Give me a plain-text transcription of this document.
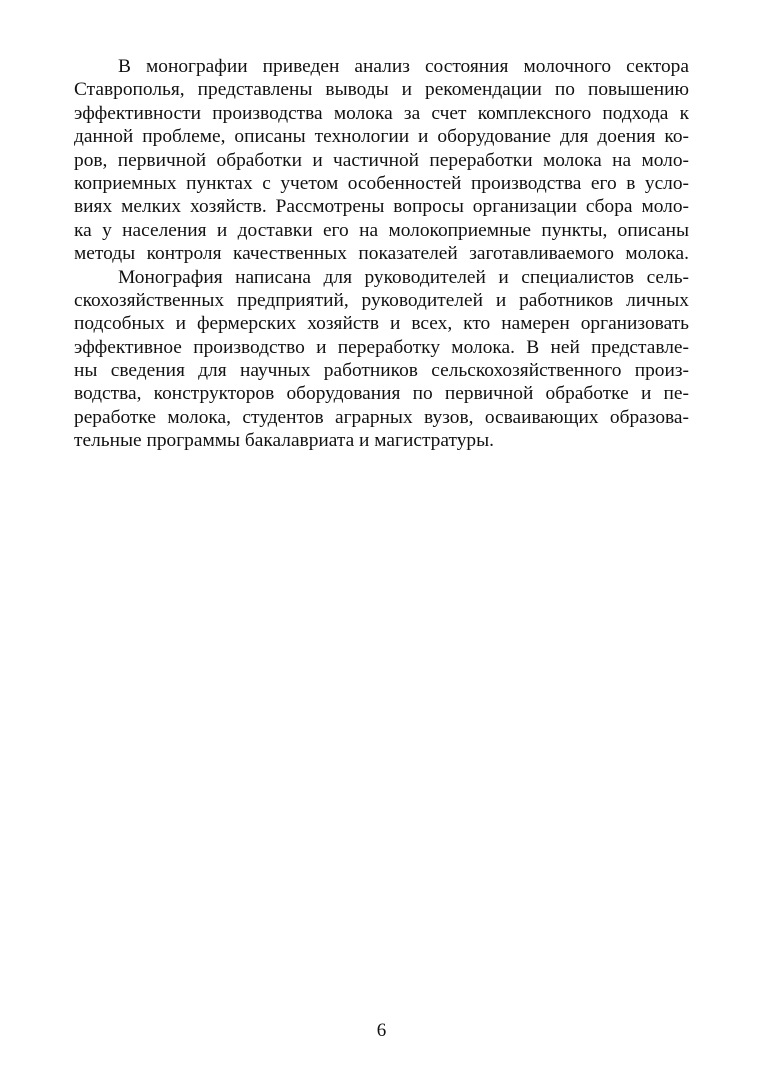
В монографии приведен анализ состояния молочного сектора
Ставрополья, представлены выводы и рекомендации по повышению
эффективности производства молока за счет комплексного подхода к
данной проблеме, описаны технологии и оборудование для доения ко-
ров, первичной обработки и частичной переработки молока на моло-
коприемных пунктах с учетом особенностей производства его в усло-
виях мелких хозяйств. Рассмотрены вопросы организации сбора моло-
ка у населения и доставки его на молокоприемные пункты, описаны
методы контроля качественных показателей заготавливаемого молока.
Монография написана для руководителей и специалистов сель-
скохозяйственных предприятий, руководителей и работников личных
подсобных и фермерских хозяйств и всех, кто намерен организовать
эффективное производство и переработку молока. В ней представле-
ны сведения для научных работников сельскохозяйственного произ-
водства, конструкторов оборудования по первичной обработке и пе-
реработке молока, студентов аграрных вузов, осваивающих образова-
тельные программы бакалавриата и магистратуры.
6
